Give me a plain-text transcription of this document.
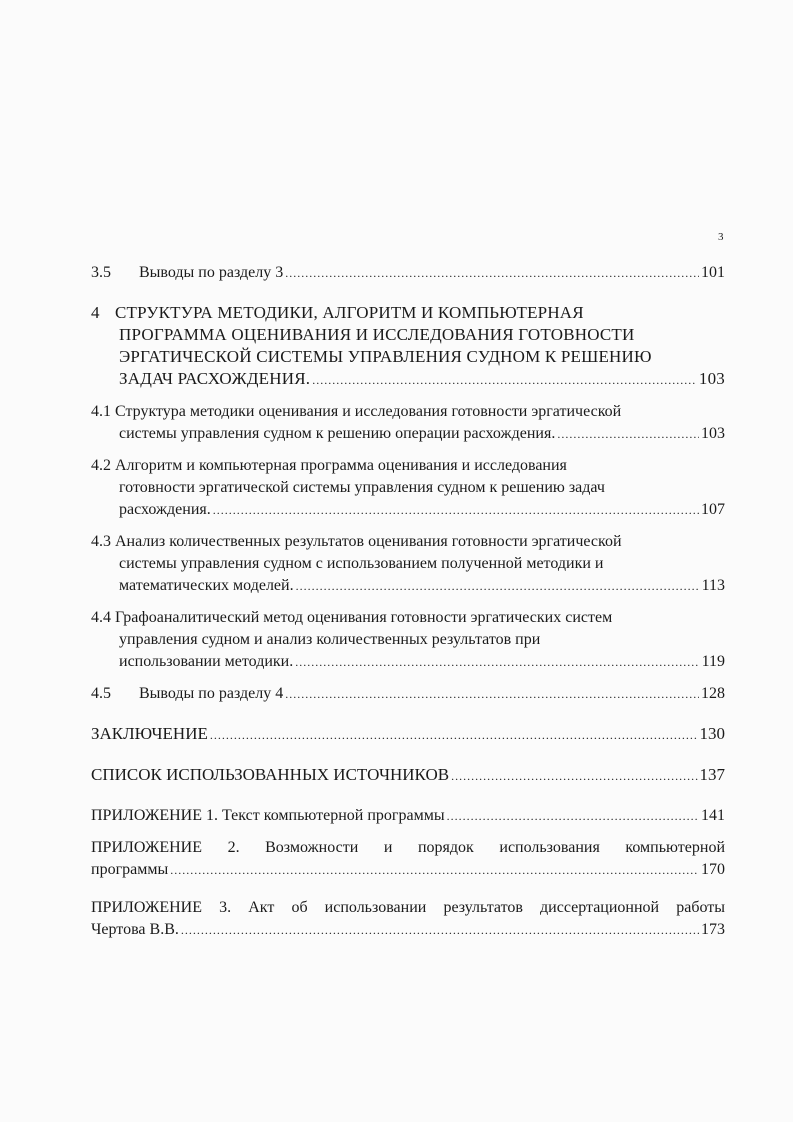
3
3.5 Выводы по разделу 3 .....	101
4 СТРУКТУРА МЕТОДИКИ, АЛГОРИТМ И КОМПЬЮТЕРНАЯ
ПРОГРАММА ОЦЕНИВАНИЯ И ИССЛЕДОВАНИЯ ГОТОВНОСТИ
ЭРГАТИЧЕСКОЙ СИСТЕМЫ УПРАВЛЕНИЯ СУДНОМ К РЕШЕНИЮ
ЗАДАЧ РАСХОЖДЕНИЯ. .....	103
4.1 Структура методики оценивания и исследования готовности эргатической
системы управления судном к решению операции расхождения. .....	103
4.2 Алгоритм и компьютерная программа оценивания и исследования
готовности эргатической системы управления судном к решению задач
расхождения. .....	107
4.3 Анализ количественных результатов оценивания готовности эргатической
системы управления судном с использованием полученной методики и
математических моделей. .....	113
4.4 Графоаналитический метод оценивания готовности эргатических систем
управления судном и анализ количественных результатов при
использовании методики. .....	119
4.5 Выводы по разделу 4 .....	128
ЗАКЛЮЧЕНИЕ .....	130
СПИСОК ИСПОЛЬЗОВАННЫХ ИСТОЧНИКОВ .....	137
ПРИЛОЖЕНИЕ 1. Текст компьютерной программы .....	141
ПРИЛОЖЕНИЕ 2. Возможности и порядок использования компьютерной
программы .....	170
ПРИЛОЖЕНИЕ 3. Акт об использовании результатов диссертационной работы
Чертова В.В. .....	173
